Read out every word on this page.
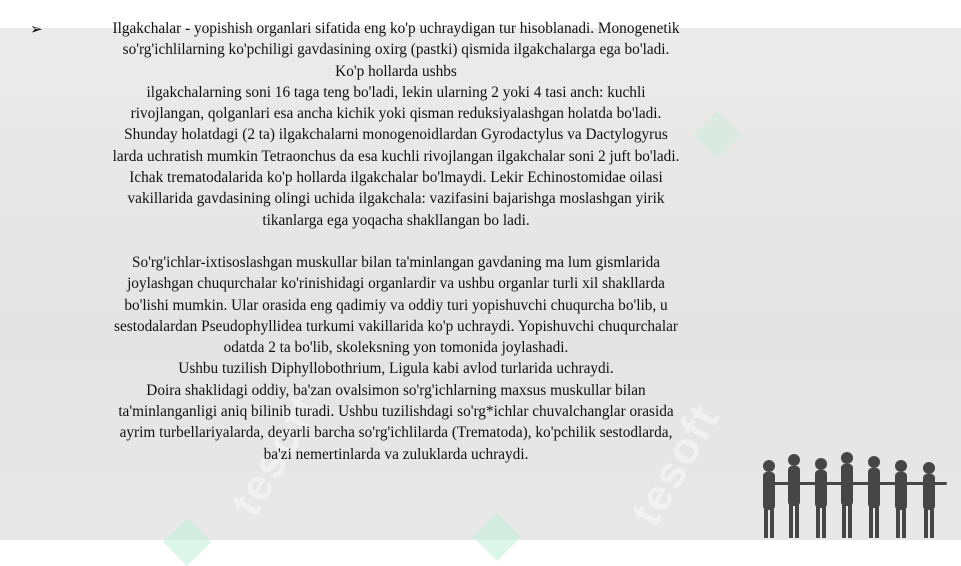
tesoft	tesoft
➢	Ilgakchalar - yopishish organlari sifatida eng ko'p uchraydigan tur hisoblanadi. Monogenetik

so'rg'ichlilarning ko'pchiligi gavdasining oxirg (pastki) qismida ilgakchalarga ega bo'ladi.

Ko'p hollarda ushbs

ilgakchalarning soni 16 taga teng bo'ladi, lekin ularning 2 yoki 4 tasi anch: kuchli

rivojlangan, qolganlari esa ancha kichik yoki qisman reduksiyalashgan holatda bo'ladi.

Shunday holatdagi (2 ta) ilgakchalarni monogenoidlardan Gyrodactylus va Dactylogyrus

larda uchratish mumkin Tetraonchus da esa kuchli rivojlangan ilgakchalar soni 2 juft bo'ladi.

Ichak trematodalarida ko'p hollarda ilgakchalar bo'lmaydi. Lekir Echinostomidae oilasi

vakillarida gavdasining olingi uchida ilgakchala: vazifasini bajarishga moslashgan yirik

tikanlarga ega yoqacha shakllangan bo ladi.

So'rg'ichlar-ixtisoslashgan muskullar bilan ta'minlangan gavdaning ma lum gismlarida

joylashgan chuqurchalar ko'rinishidagi organlardir va ushbu organlar turli xil shakllarda

bo'lishi mumkin. Ular orasida eng qadimiy va oddiy turi yopishuvchi chuqurcha bo'lib, u

sestodalardan Pseudophyllidea turkumi vakillarida ko'p uchraydi. Yopishuvchi chuqurchalar

odatda 2 ta bo'lib, skoleksning yon tomonida joylashadi.

Ushbu tuzilish Diphyllobothrium, Ligula kabi avlod turlarida uchraydi.

Doira shaklidagi oddiy, ba'zan ovalsimon so'rg'ichlarning maxsus muskullar bilan

ta'minlanganligi aniq bilinib turadi. Ushbu tuzilishdagi so'rg*ichlar chuvalchanglar orasida

ayrim turbellariyalarda, deyarli barcha so'rg'ichlilarda (Trematoda), ko'pchilik sestodlarda,

ba'zi nemertinlarda va zuluklarda uchraydi.
